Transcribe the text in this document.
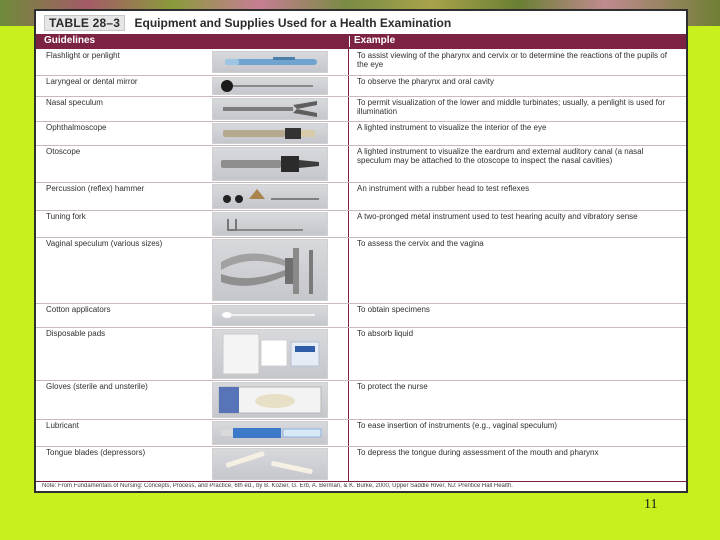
TABLE 28–3 Equipment and Supplies Used for a Health Examination
Guidelines	Example
Flashlight or penlight	To assist viewing of the pharynx and cervix or to determine the reactions of the pupils of the eye
Laryngeal or dental mirror	To observe the pharynx and oral cavity
Nasal speculum	To permit visualization of the lower and middle turbinates; usually, a penlight is used for illumination
Ophthalmoscope	A lighted instrument to visualize the interior of the eye
Otoscope	A lighted instrument to visualize the eardrum and external auditory canal (a nasal speculum may be attached to the otoscope to inspect the nasal cavities)
Percussion (reflex) hammer	An instrument with a rubber head to test reflexes
Tuning fork	A two-pronged metal instrument used to test hearing acuity and vibratory sense
Vaginal speculum (various sizes)	To assess the cervix and the vagina
Cotton applicators	To obtain specimens
Disposable pads	To absorb liquid
Gloves (sterile and unsterile)	To protect the nurse
Lubricant	To ease insertion of instruments (e.g., vaginal speculum)
Tongue blades (depressors)	To depress the tongue during assessment of the mouth and pharynx
Note: From Fundamentals of Nursing: Concepts, Process, and Practice, 6th ed., by B. Kozier, G. Erb, A. Berman, & K. Burke, 2000, Upper Saddle River, NJ: Prentice Hall Health.
11
